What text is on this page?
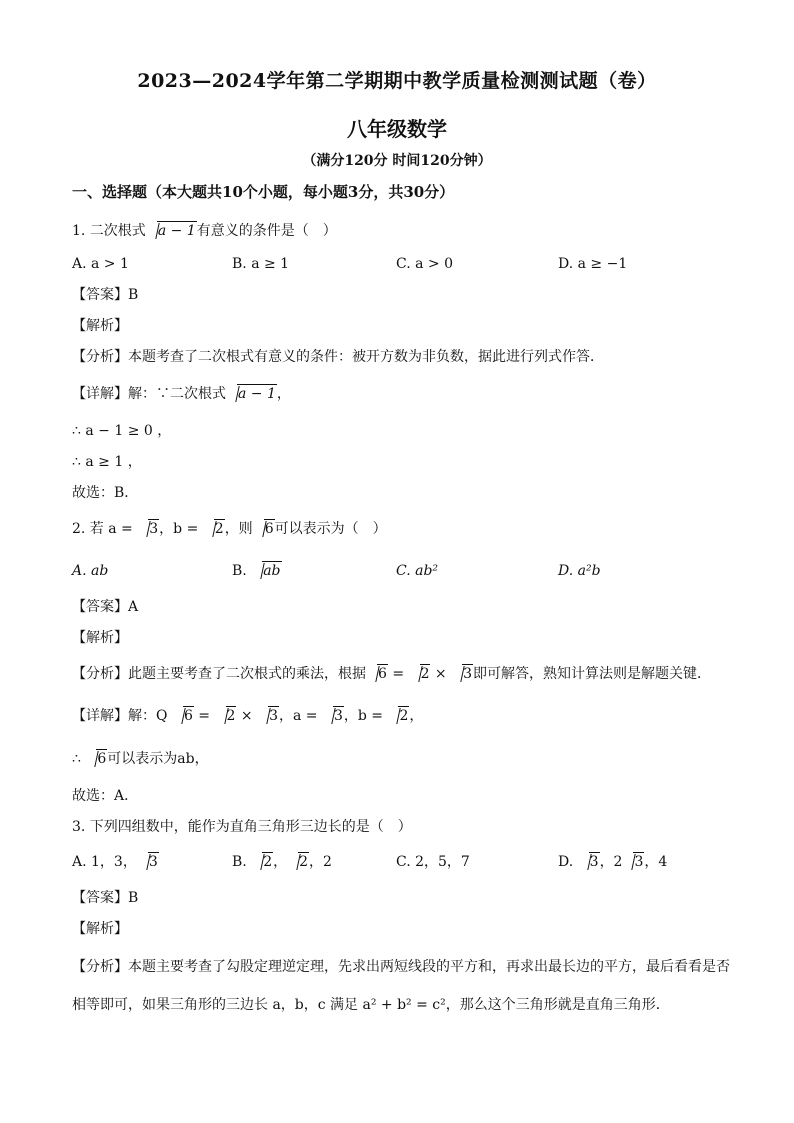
2023—2024学年第二学期期中教学质量检测测试题（卷）
八年级数学
（满分120分 时间120分钟）
一、选择题（本大题共10个小题，每小题3分，共30分）
1. 二次根式 a − 1有意义的条件是（　）
A. a > 1	B. a ≥ 1	C. a > 0	D. a ≥ −1
【答案】B
【解析】
【分析】本题考查了二次根式有意义的条件：被开方数为非负数，据此进行列式作答．
【详解】解：∵二次根式 a − 1，
∴ a − 1 ≥ 0 ，
∴ a ≥ 1 ，
故选：B．
2. 若 a = 3，b = 2，则 6可以表示为（　）
A. ab	B. ab	C. ab²	D. a²b
【答案】A
【解析】
【分析】此题主要考查了二次根式的乘法，根据 6 = 2 × 3即可解答，熟知计算法则是解题关键．
【详解】解：Q 6 = 2 × 3，a = 3，b = 2，
∴ 6可以表示为ab，
故选：A．
3. 下列四组数中，能作为直角三角形三边长的是（　）
A. 1，3， 3	B. 2， 2，2	C. 2，5，7	D. 3，2 3，4
【答案】B
【解析】
【分析】本题主要考查了勾股定理逆定理，先求出两短线段的平方和，再求出最长边的平方，最后看看是否相等即可，如果三角形的三边长 a，b，c 满足 a² + b² = c²，那么这个三角形就是直角三角形．
